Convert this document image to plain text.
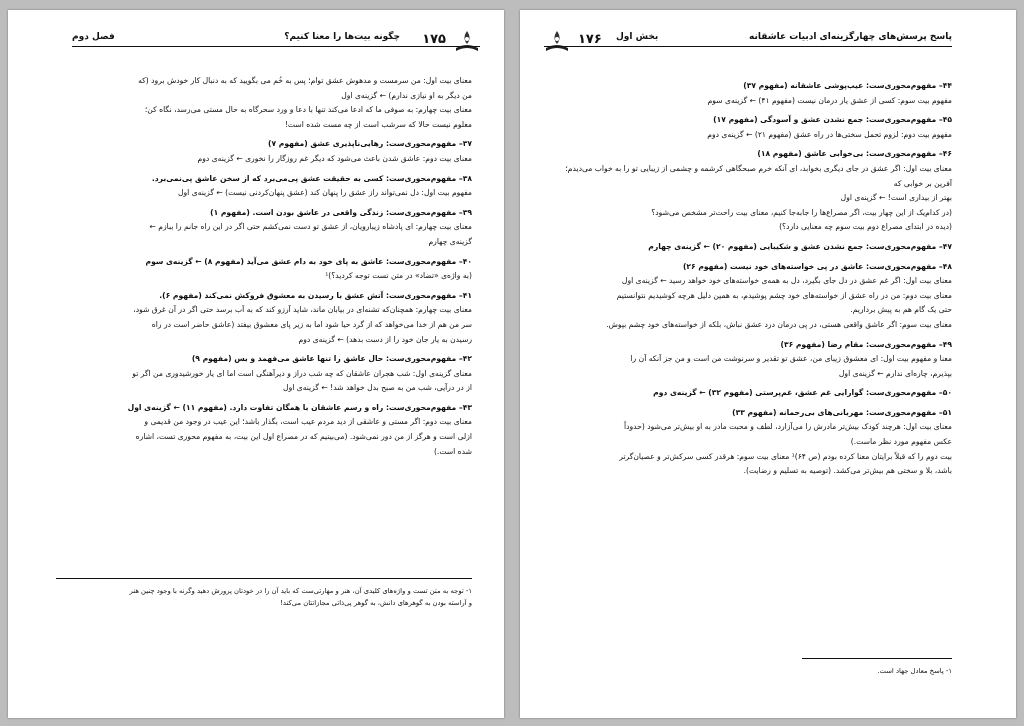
۱۷۵
چگونه بیت‌ها را معنا کنیم؟
فصل دوم

معنای بیت اول: من سرمست و مدهوش عشق توام؛ پس به خُم می بگویید که به دنبال کار خودش برود (که

من دیگر به او نیازی ندارم) ← گزینه‌ی اول

معنای بیت چهارم: به صوفی ما که ادعا می‌کند تنها با دعا و ورد سحرگاه به حال مستی می‌رسد، نگاه کن؛

معلوم نیست حالا که سرشب است از چه مست شده است!

۳۷– مفهوم‌محوری‌ست: رهایی‌ناپذیری عشق (مفهوم ۷)

معنای بیت دوم: عاشق شدن باعث می‌شود که دیگر غم روزگار را نخوری ← گزینه‌ی دوم

۳۸– مفهوم‌محوری‌ست: کسی به حقیقت عشق پی‌می‌برد که از سخن عاشق پی‌نمی‌برد.

مفهوم بیت اول: دل نمی‌تواند راز عشق را پنهان کند (عشق پنهان‌کردنی نیست) ← گزینه‌ی اول

۳۹– مفهوم‌محوری‌ست: زندگی واقعی در عاشق بودن است. (مفهوم ۱)

معنای بیت چهارم: ای پادشاه زیبارویان، از عشق تو دست نمی‌کشم حتی اگر در این راه جانم را ببازم ←

گزینه‌ی چهارم

۴۰– مفهوم‌محوری‌ست: عاشق به پای خود به دام عشق می‌آید (مفهوم ۸) ← گزینه‌ی سوم

(به واژه‌ی «تضاد» در متن تست توجه کردید؟)¹

۴۱– مفهوم‌محوری‌ست: آتش عشق با رسیدن به معشوق فروکش نمی‌کند (مفهوم ۶).

معنای بیت چهارم: همچنان‌که تشنه‌ای در بیابان ماند، شاید آرزو کند که به آب برسد حتی اگر در آن غرق شود،

سر من هم از خدا می‌خواهد که از گرد حیا شود اما به زیر پای معشوق بیفتد (عاشق حاضر است در راه

رسیدن به یار جان خود را از دست بدهد) ← گزینه‌ی دوم

۴۲– مفهوم‌محوری‌ست: حال عاشق را تنها عاشق می‌فهمد و بس (مفهوم ۹)

معنای گزینه‌ی اول: شب هجران عاشقان که چه شب دراز و دیرآهنگی است اما ای یار خورشیدوری من اگر تو

از در درآیی، شب من به صبح بدل خواهد شد! ← گزینه‌ی اول

۴۳– مفهوم‌محوری‌ست: راه و رسم عاشقان با همگان تفاوت دارد. (مفهوم ۱۱) ← گزینه‌ی اول

معنای بیت دوم: اگر مستی و عاشقی از دید مردم عیب است، بگذار باشد؛ این عیب در وجود من قدیمی و

ازلی است و هرگز از من دور نمی‌شود. (می‌بینیم که در مصراع اول این بیت، به مفهوم محوری تست، اشاره

شده است.)

۱- توجه به متن تست و واژه‌های کلیدی آن، هنر و مهارتی‌ست که باید آن را در خودتان پرورش دهید وگرنه با وجود چنین هنر
و آراسته بودن به گوهرهای دانش، به گوهر پی‌ذاتی مجازاتتان می‌کند!
۱۷۶ بخش اول	پاسخ پرسش‌های چهارگزینه‌ای ادبیات عاشقانه

۴۴– مفهوم‌محوری‌ست: عیب‌پوشی عاشقانه (مفهوم ۳۷)

مفهوم بیت سوم: کسی از عشق یار درمان نیست (مفهوم ۴۱) ← گزینه‌ی سوم

۴۵– مفهوم‌محوری‌ست: جمع نشدن عشق و آسودگی (مفهوم ۱۷)

مفهوم بیت دوم: لزوم تحمل سختی‌ها در راه عشق (مفهوم ۲۱) ← گزینه‌ی دوم

۴۶– مفهوم‌محوری‌ست: بی‌خوابی عاشق (مفهوم ۱۸)

معنای بیت اول: اگر عشق در جای دیگری بخوابد، ای آنکه خرم صبحگاهی کرشمه و چشمی از زیبایی تو را به خواب می‌دیدم؛ آفرین بر خوابی که

بهتر از بیداری است! ← گزینه‌ی اول

(در کدام‌یک از این چهار بیت، اگر مصراع‌ها را جابه‌جا کنیم، معنای بیت راحت‌تر مشخص می‌شود؟

(دیده در ابتدای مصراع دوم بیت سوم چه معنایی دارد؟)

۴۷– مفهوم‌محوری‌ست: جمع نشدن عشق و شکیبایی (مفهوم ۲۰) ← گزینه‌ی چهارم

۴۸– مفهوم‌محوری‌ست: عاشق در پی خواسته‌های خود نیست (مفهوم ۲۶)

معنای بیت اول: اگر غم عشق در دل جای بگیرد، دل به همه‌ی خواسته‌های خود خواهد رسید ← گزینه‌ی اول

معنای بیت دوم: من در راه عشق از خواسته‌های خود چشم پوشیدم، به همین دلیل هرچه کوشیدیم نتوانستیم

حتی یک گام هم به پیش برداریم.

معنای بیت سوم: اگر عاشق واقعی هستی، در پی درمان درد عشق نباش، بلکه از خواسته‌های خود چشم بپوش.

۴۹– مفهوم‌محوری‌ست: مقام رضا (مفهوم ۳۶)

معنا و مفهوم بیت اول: ای معشوق زیبای من، عشق تو تقدیر و سرنوشت من است و من جز آنکه آن را

بپذیرم، چاره‌ای ندارم ← گزینه‌ی اول

۵۰– مفهوم‌محوری‌ست: گوارایی غم عشق، غم‌پرستی (مفهوم ۳۲) ← گزینه‌ی دوم

۵۱– مفهوم‌محوری‌ست: مهربانی‌های بی‌رحمانه (مفهوم ۳۳)

معنای بیت اول: هرچند کودک بیش‌تر مادرش را می‌آزارد، لطف و محبت مادر به او بیش‌تر می‌شود (حدوداً

عکس مفهوم مورد نظر ماست.)

بیت دوم را که قبلاً برایتان معنا کرده بودم (ص ۶۴)¹ معنای بیت سوم: هرقدر کسی سرکش‌تر و عصیان‌گرتر

باشد، بلا و سختی هم بیش‌تر می‌کشد. (توصیه به تسلیم و رضایت).

۱- پاسخ معادل جهاد است.
